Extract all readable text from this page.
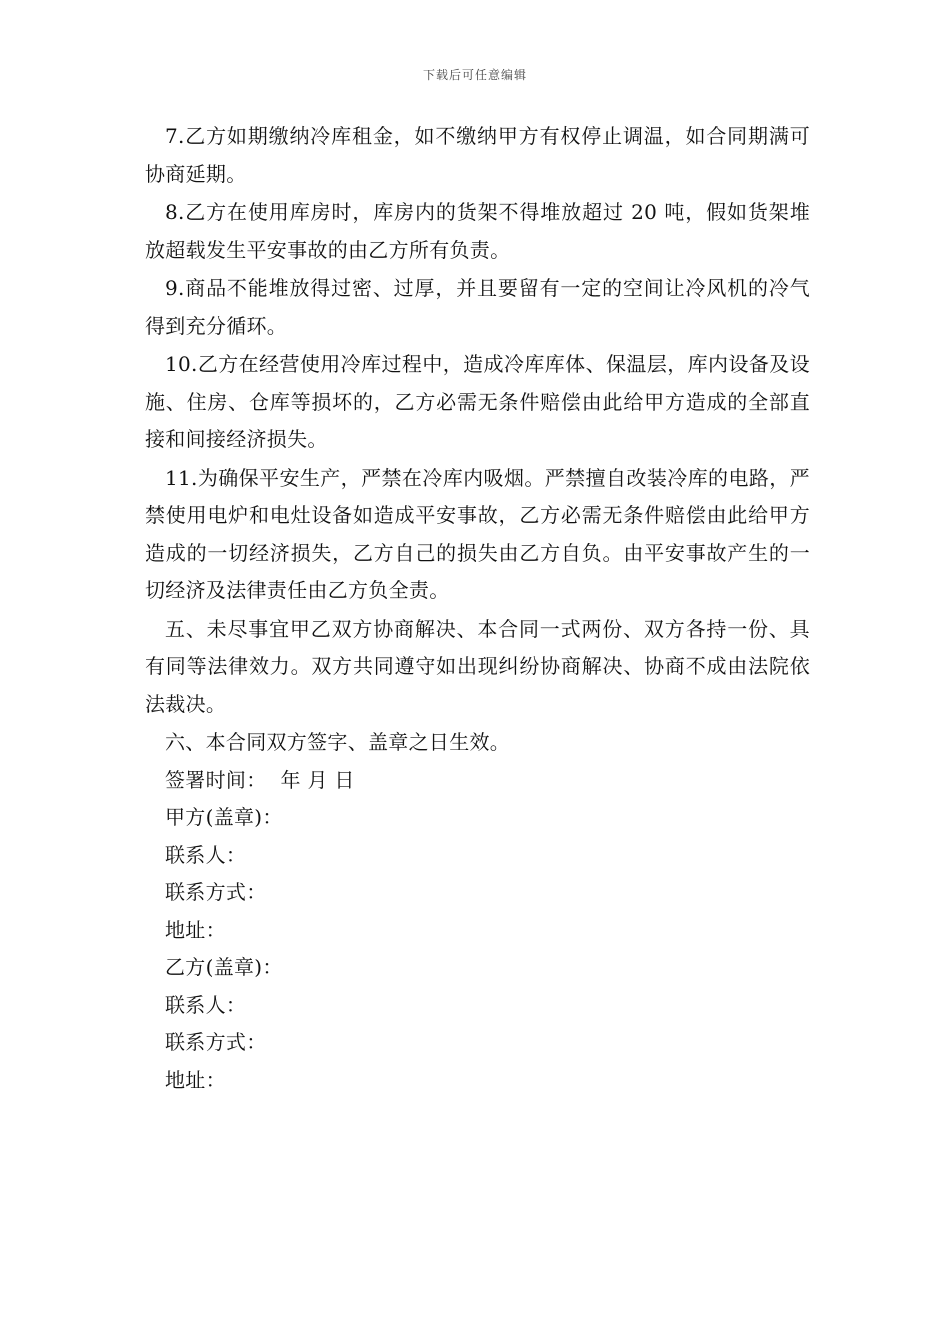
下载后可任意编辑

7.乙方如期缴纳冷库租金，如不缴纳甲方有权停止调温，如合同期满可协商延期。

8.乙方在使用库房时，库房内的货架不得堆放超过 20 吨，假如货架堆放超载发生平安事故的由乙方所有负责。

9.商品不能堆放得过密、过厚，并且要留有一定的空间让冷风机的冷气得到充分循环。

10.乙方在经营使用冷库过程中，造成冷库库体、保温层，库内设备及设施、住房、仓库等损坏的，乙方必需无条件赔偿由此给甲方造成的全部直接和间接经济损失。

11.为确保平安生产，严禁在冷库内吸烟。严禁擅自改装冷库的电路，严禁使用电炉和电灶设备如造成平安事故，乙方必需无条件赔偿由此给甲方造成的一切经济损失，乙方自己的损失由乙方自负。由平安事故产生的一切经济及法律责任由乙方负全责。

五、未尽事宜甲乙双方协商解决、本合同一式两份、双方各持一份、具有同等法律效力。双方共同遵守如出现纠纷协商解决、协商不成由法院依法裁决。

六、本合同双方签字、盖章之日生效。

签署时间： 年 月 日

甲方(盖章)：

联系人：

联系方式：

地址：

乙方(盖章)：

联系人：

联系方式：

地址：
